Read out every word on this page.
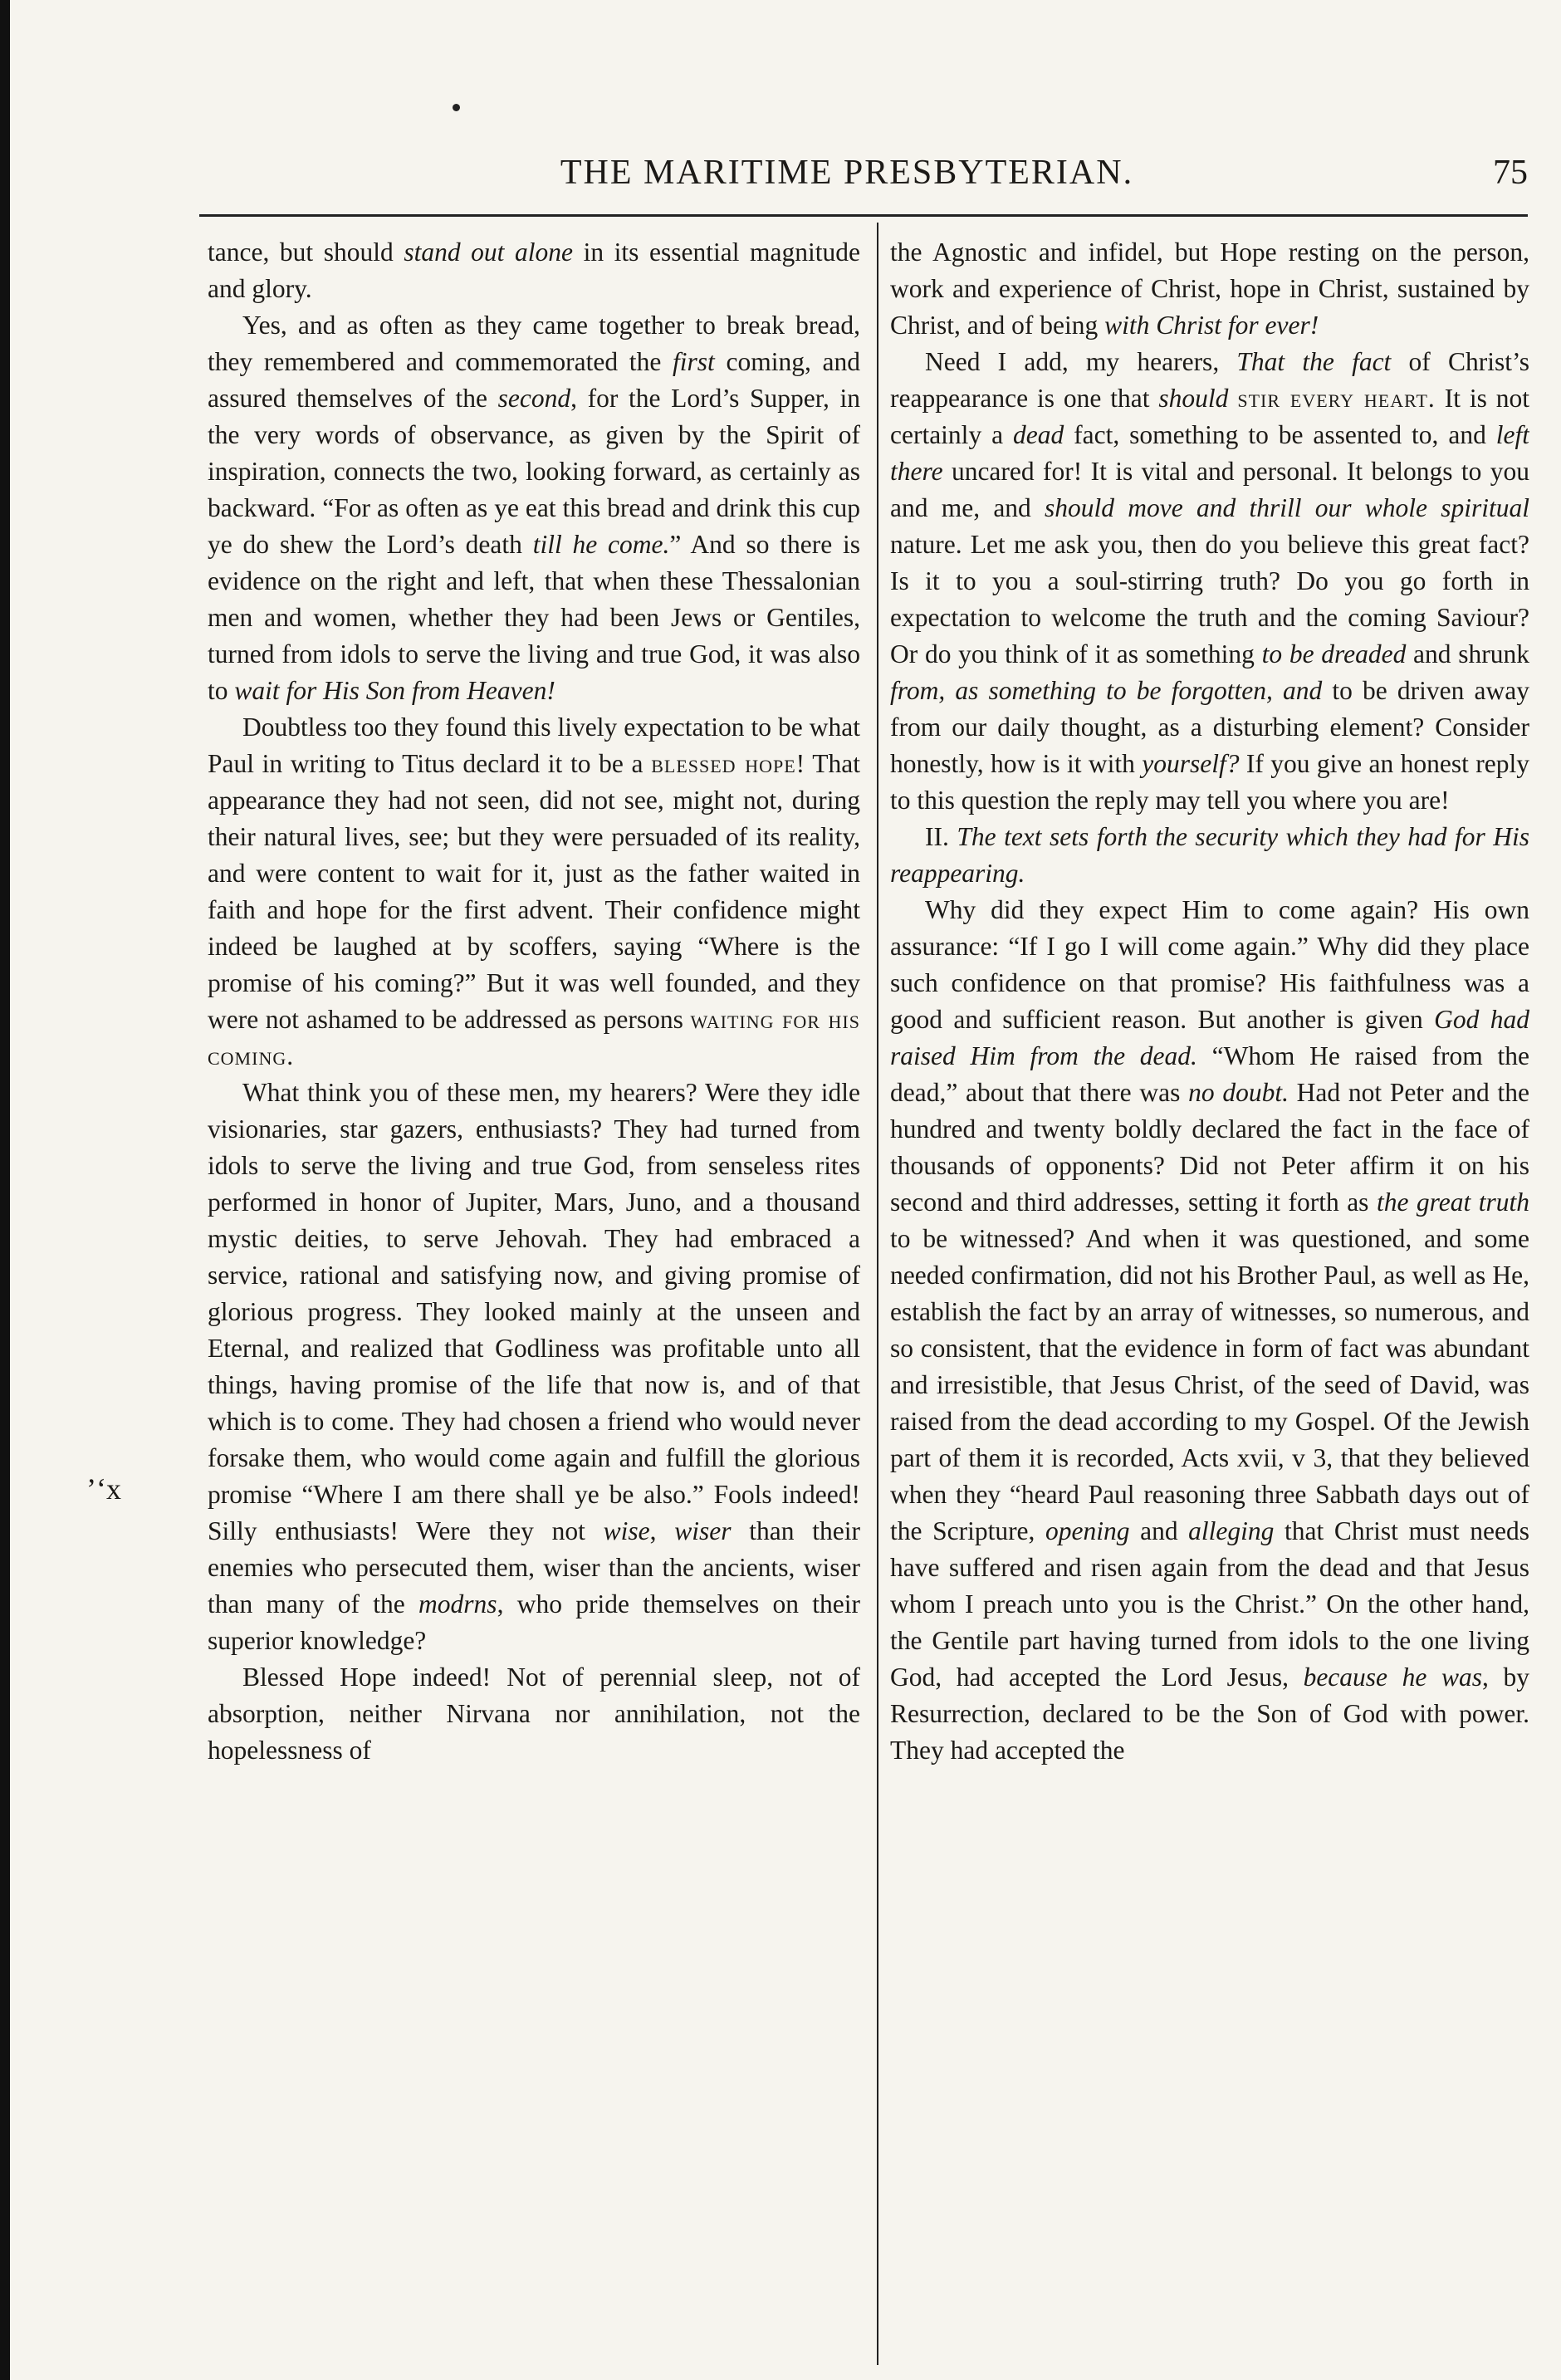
THE MARITIME PRESBYTERIAN.	75
’‘x

tance, but should stand out alone in its essential magnitude and glory.

Yes, and as often as they came together to break bread, they remembered and commemorated the first coming, and assured themselves of the second, for the Lord’s Supper, in the very words of observance, as given by the Spirit of inspiration, connects the two, looking forward, as certainly as backward. “For as often as ye eat this bread and drink this cup ye do shew the Lord’s death till he come.” And so there is evidence on the right and left, that when these Thessalonian men and women, whether they had been Jews or Gentiles, turned from idols to serve the living and true God, it was also to wait for His Son from Heaven!

Doubtless too they found this lively expectation to be what Paul in writing to Titus declard it to be a blessed hope! That appearance they had not seen, did not see, might not, during their natural lives, see; but they were persuaded of its reality, and were content to wait for it, just as the father waited in faith and hope for the first advent. Their confidence might indeed be laughed at by scoffers, saying “Where is the promise of his coming?” But it was well founded, and they were not ashamed to be addressed as persons waiting for his coming.

What think you of these men, my hearers? Were they idle visionaries, star gazers, enthusiasts? They had turned from idols to serve the living and true God, from senseless rites performed in honor of Jupiter, Mars, Juno, and a thousand mystic deities, to serve Jehovah. They had embraced a service, rational and satisfying now, and giving promise of glorious progress. They looked mainly at the unseen and Eternal, and realized that Godliness was profitable unto all things, having promise of the life that now is, and of that which is to come. They had chosen a friend who would never forsake them, who would come again and fulfill the glorious promise “Where I am there shall ye be also.” Fools indeed! Silly enthusiasts! Were they not wise, wiser than their enemies who persecuted them, wiser than the ancients, wiser than many of the modrns, who pride themselves on their superior knowledge?

Blessed Hope indeed! Not of perennial sleep, not of absorption, neither Nirvana nor annihilation, not the hopelessness of

the Agnostic and infidel, but Hope resting on the person, work and experience of Christ, hope in Christ, sustained by Christ, and of being with Christ for ever!

Need I add, my hearers, That the fact of Christ’s reappearance is one that should stir every heart. It is not certainly a dead fact, something to be assented to, and left there uncared for! It is vital and personal. It belongs to you and me, and should move and thrill our whole spiritual nature. Let me ask you, then do you believe this great fact? Is it to you a soul-stirring truth? Do you go forth in expectation to welcome the truth and the coming Saviour? Or do you think of it as something to be dreaded and shrunk from, as something to be forgotten, and to be driven away from our daily thought, as a disturbing element? Consider honestly, how is it with yourself? If you give an honest reply to this question the reply may tell you where you are!

II. The text sets forth the security which they had for His reappearing.

Why did they expect Him to come again? His own assurance: “If I go I will come again.” Why did they place such confidence on that promise? His faithfulness was a good and sufficient reason. But another is given God had raised Him from the dead. “Whom He raised from the dead,” about that there was no doubt. Had not Peter and the hundred and twenty boldly declared the fact in the face of thousands of opponents? Did not Peter affirm it on his second and third addresses, setting it forth as the great truth to be witnessed? And when it was questioned, and some needed confirmation, did not his Brother Paul, as well as He, establish the fact by an array of witnesses, so numerous, and so consistent, that the evidence in form of fact was abundant and irresistible, that Jesus Christ, of the seed of David, was raised from the dead according to my Gospel. Of the Jewish part of them it is recorded, Acts xvii, v 3, that they believed when they “heard Paul reasoning three Sabbath days out of the Scripture, opening and alleging that Christ must needs have suffered and risen again from the dead and that Jesus whom I preach unto you is the Christ.” On the other hand, the Gentile part having turned from idols to the one living God, had accepted the Lord Jesus, because he was, by Resurrection, declared to be the Son of God with power. They had accepted the
